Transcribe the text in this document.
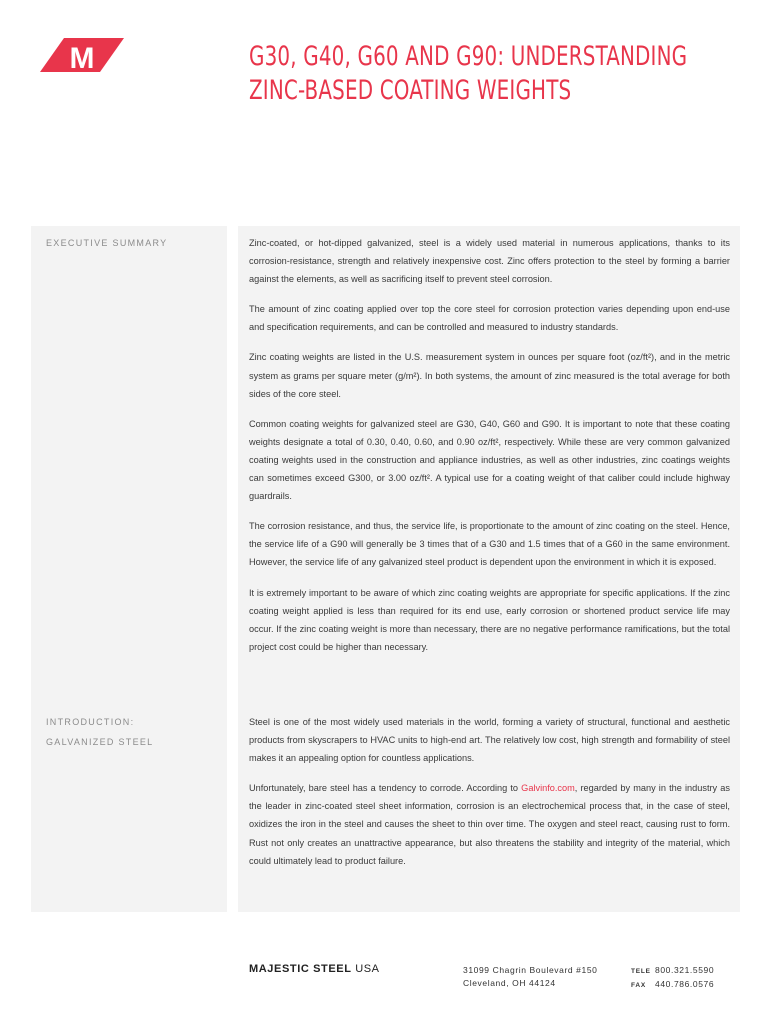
M	G30, G40, G60 AND G90: UNDERSTANDING
ZINC-BASED COATING WEIGHTS
EXECUTIVE SUMMARY	Zinc-coated, or hot-dipped galvanized, steel is a widely used material in numerous applications, thanks to its corrosion-resistance, strength and relatively inexpensive cost. Zinc offers protection to the steel by forming a barrier against the elements, as well as sacrificing itself to prevent steel corrosion.

The amount of zinc coating applied over top the core steel for corrosion protection varies depending upon end-use and specification requirements, and can be controlled and measured to industry standards.

Zinc coating weights are listed in the U.S. measurement system in ounces per square foot (oz/ft²), and in the metric system as grams per square meter (g/m²). In both systems, the amount of zinc measured is the total average for both sides of the core steel.

Common coating weights for galvanized steel are G30, G40, G60 and G90. It is important to note that these coating weights designate a total of 0.30, 0.40, 0.60, and 0.90 oz/ft², respectively. While these are very common galvanized coating weights used in the construction and appliance industries, as well as other industries, zinc coatings weights can sometimes exceed G300, or 3.00 oz/ft². A typical use for a coating weight of that caliber could include highway guardrails.

The corrosion resistance, and thus, the service life, is proportionate to the amount of zinc coating on the steel. Hence, the service life of a G90 will generally be 3 times that of a G30 and 1.5 times that of a G60 in the same environment. However, the service life of any galvanized steel product is dependent upon the environment in which it is exposed.

It is extremely important to be aware of which zinc coating weights are appropriate for specific applications. If the zinc coating weight applied is less than required for its end use, early corrosion or shortened product service life may occur. If the zinc coating weight is more than necessary, there are no negative performance ramifications, but the total project cost could be higher than necessary.

INTRODUCTION:
GALVANIZED STEEL

Steel is one of the most widely used materials in the world, forming a variety of structural, functional and aesthetic products from skyscrapers to HVAC units to high-end art. The relatively low cost, high strength and formability of steel makes it an appealing option for countless applications.

Unfortunately, bare steel has a tendency to corrode. According to Galvinfo.com, regarded by many in the industry as the leader in zinc-coated steel sheet information, corrosion is an electrochemical process that, in the case of steel, oxidizes the iron in the steel and causes the sheet to thin over time. The oxygen and steel react, causing rust to form. Rust not only creates an unattractive appearance, but also threatens the stability and integrity of the material, which could ultimately lead to product failure.

MAJESTIC STEEL USA	31099 Chagrin Boulevard #150
Cleveland, OH 44124
TELE 800.321.5590
FAX 440.786.0576
